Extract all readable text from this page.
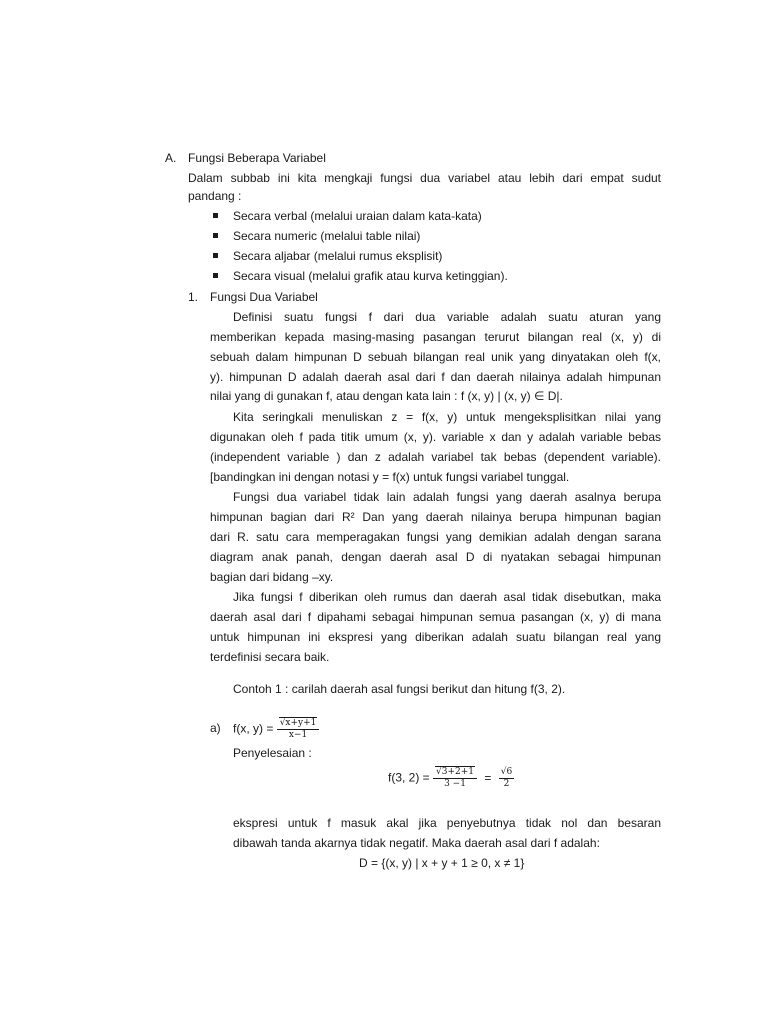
A. Fungsi Beberapa Variabel
Dalam subbab ini kita mengkaji fungsi dua variabel atau lebih dari empat sudut
pandang :
Secara verbal (melalui uraian dalam kata-kata)
Secara numeric (melalui table nilai)
Secara aljabar (melalui rumus eksplisit)
Secara visual (melalui grafik atau kurva ketinggian).
1. Fungsi Dua Variabel
Definisi suatu fungsi f dari dua variable adalah suatu aturan yang
memberikan kepada masing-masing pasangan terurut bilangan real (x, y) di
sebuah dalam himpunan D sebuah bilangan real unik yang dinyatakan oleh f(x,
y). himpunan D adalah daerah asal dari f dan daerah nilainya adalah himpunan
nilai yang di gunakan f, atau dengan kata lain : f (x, y) | (x, y) ∈ D|.
Kita seringkali menuliskan z = f(x, y) untuk mengeksplisitkan nilai yang
digunakan oleh f pada titik umum (x, y). variable x dan y adalah variable bebas
(independent variable ) dan z adalah variabel tak bebas (dependent variable).
[bandingkan ini dengan notasi y = f(x) untuk fungsi variabel tunggal.
Fungsi dua variabel tidak lain adalah fungsi yang daerah asalnya berupa
himpunan bagian dari R² Dan yang daerah nilainya berupa himpunan bagian
dari R. satu cara memperagakan fungsi yang demikian adalah dengan sarana
diagram anak panah, dengan daerah asal D di nyatakan sebagai himpunan
bagian dari bidang –xy.
Jika fungsi f diberikan oleh rumus dan daerah asal tidak disebutkan, maka
daerah asal dari f dipahami sebagai himpunan semua pasangan (x, y) di mana
untuk himpunan ini ekspresi yang diberikan adalah suatu bilangan real yang
terdefinisi secara baik.
Contoh 1 : carilah daerah asal fungsi berikut dan hitung f(3, 2).
a) f(x, $y) = \frac{√x+y+1}{x-1}$
Penyelesaian :
f(3, $2) = \frac{√3+2+1}{3 -1} = \frac{√6}{2}$
ekspresi untuk f masuk akal jika penyebutnya tidak nol dan besaran
dibawah tanda akarnya tidak negatif. Maka daerah asal dari f adalah:
D = {(x, y) | x + y + 1 ≥ 0, x ≠ 1}
